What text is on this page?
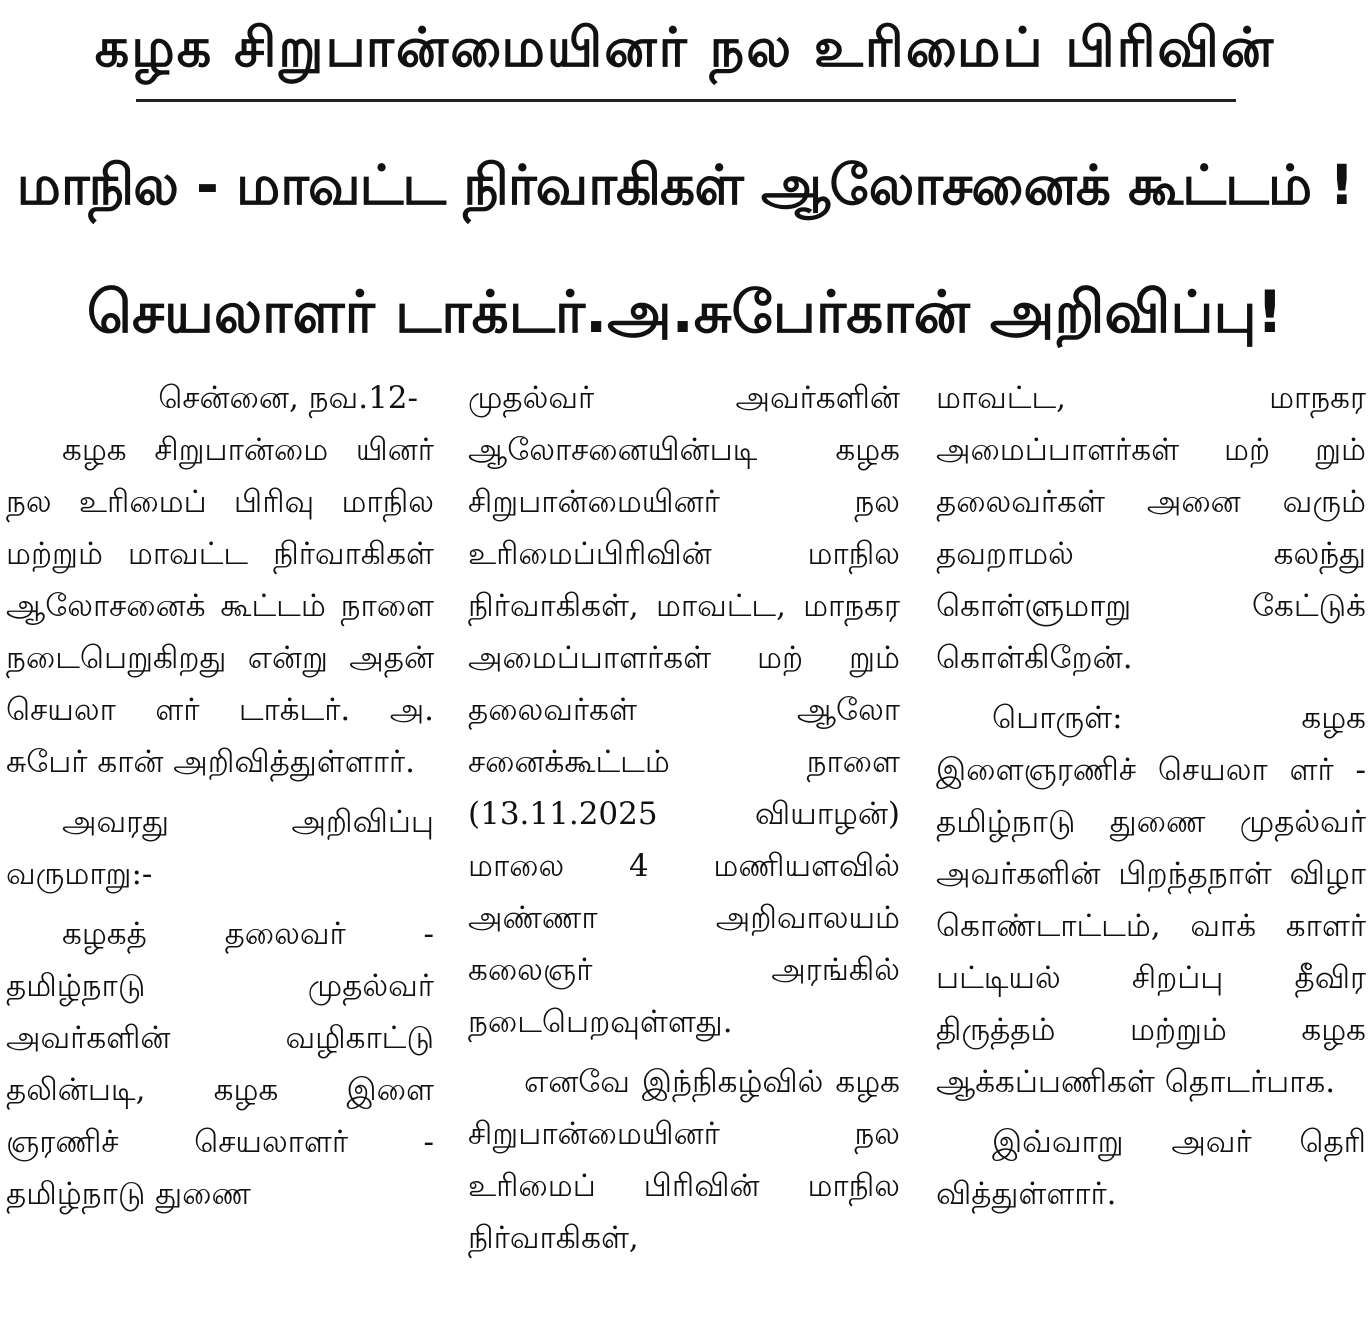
கழக சிறுபான்மையினர் நல உரிமைப் பிரிவின்
மாநில - மாவட்ட நிர்வாகிகள் ஆலோசனைக் கூட்டம் !
செயலாளர் டாக்டர்.அ.சுபேர்கான் அறிவிப்பு!

சென்னை, நவ.12-

கழக சிறுபான்மை யினர் நல உரிமைப் பிரிவு மாநில மற்றும் மாவட்ட நிர்வாகிகள் ஆலோசனைக் கூட்டம் நாளை நடைபெறுகிறது என்று அதன் செயலா ளர் டாக்டர். அ. சுபேர் கான் அறிவித்துள்ளார்.

அவரது அறிவிப்பு வருமாறு:-

கழகத் தலைவர் - தமிழ்நாடு முதல்வர் அவர்களின் வழிகாட்டு தலின்படி, கழக இளை ஞரணிச் செயலாளர் - தமிழ்நாடு துணை

முதல்வர் அவர்களின் ஆலோசனையின்படி கழக சிறுபான்மையினர் நல உரிமைப்பிரிவின் மாநில நிர்வாகிகள், மாவட்ட, மாநகர அமைப்பாளர்கள் மற் றும் தலைவர்கள் ஆலோ சனைக்கூட்டம் நாளை (13.11.2025 வியாழன்) மாலை 4 மணியளவில் அண்ணா அறிவாலயம் கலைஞர் அரங்கில் நடைபெறவுள்ளது.

எனவே இந்நிகழ்வில் கழக சிறுபான்மையினர் நல உரிமைப் பிரிவின் மாநில நிர்வாகிகள்,

மாவட்ட, மாநகர அமைப்பாளர்கள் மற் றும் தலைவர்கள் அனை வரும் தவறாமல் கலந்து கொள்ளுமாறு கேட்டுக் கொள்கிறேன்.

பொருள்: கழக இளைஞரணிச் செயலா ளர் - தமிழ்நாடு துணை முதல்வர் அவர்களின் பிறந்தநாள் விழா கொண்டாட்டம், வாக் காளர் பட்டியல் சிறப்பு தீவிர திருத்தம் மற்றும் கழக ஆக்கப்பணிகள் தொடர்பாக.

இவ்வாறு அவர் தெரி வித்துள்ளார்.
